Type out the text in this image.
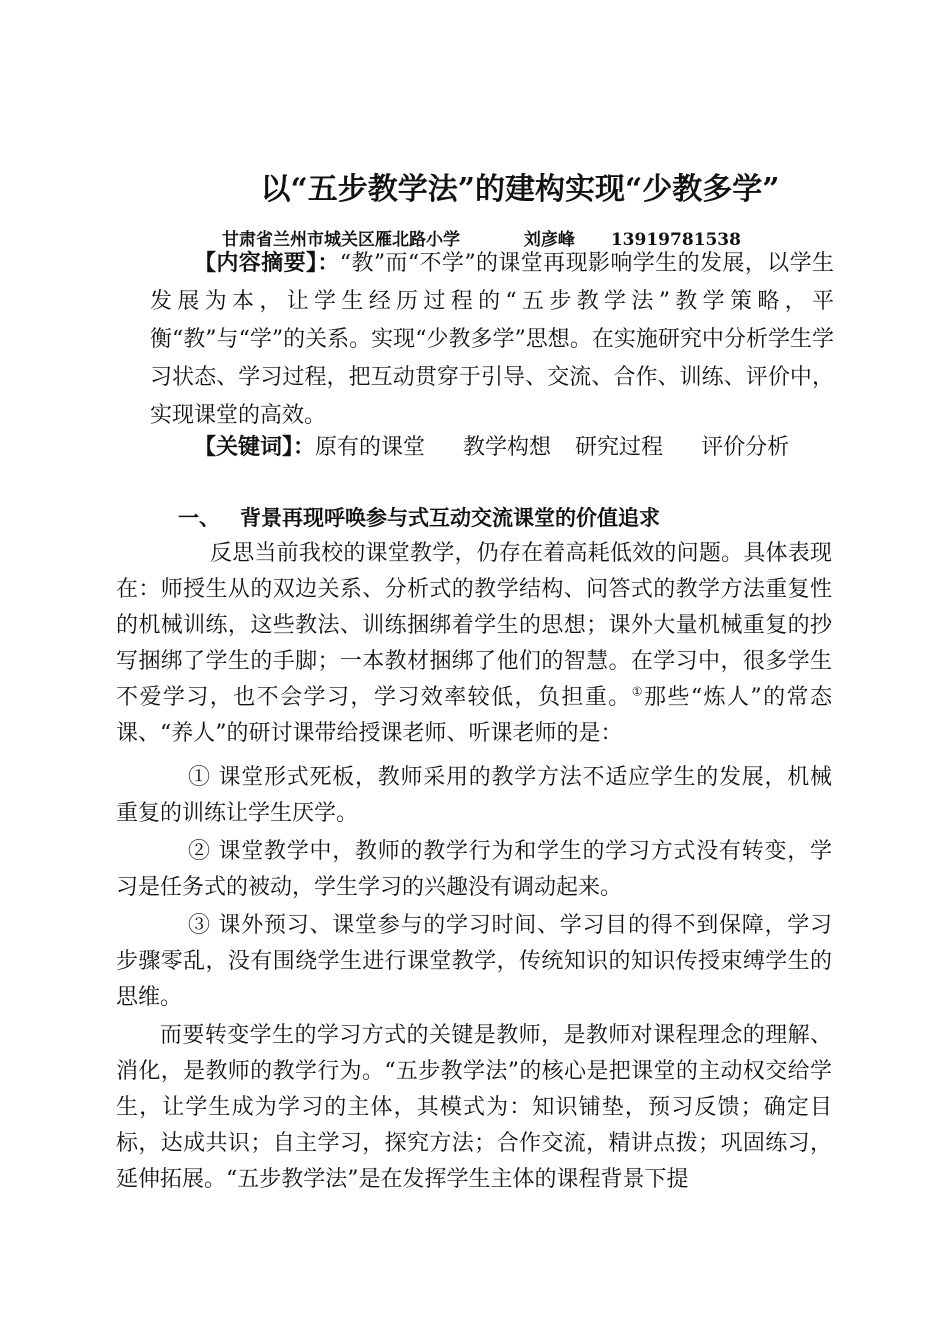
以“五步教学法”的建构实现“少教多学”
甘肃省兰州市城关区雁北路小学	刘彦峰 13919781538
【内容摘要】：“教”而“不学”的课堂再现影响学生的发展，以学生发展为本，让学生经历过程的“五步教学法”教学策略，平衡“教”与“学”的关系。实现“少教多学”思想。在实施研究中分析学生学习状态、学习过程，把互动贯穿于引导、交流、合作、训练、评价中，实现课堂的高效。
【关键词】：原有的课堂 教学构想 研究过程 评价分析
一、 背景再现呼唤参与式互动交流课堂的价值追求
反思当前我校的课堂教学，仍存在着高耗低效的问题。具体表现在：师授生从的双边关系、分析式的教学结构、问答式的教学方法重复性的机械训练，这些教法、训练捆绑着学生的思想；课外大量机械重复的抄写捆绑了学生的手脚；一本教材捆绑了他们的智慧。在学习中，很多学生不爱学习，也不会学习，学习效率较低，负担重。①那些“炼人”的常态课、“养人”的研讨课带给授课老师、听课老师的是：
① 课堂形式死板，教师采用的教学方法不适应学生的发展，机械重复的训练让学生厌学。
② 课堂教学中，教师的教学行为和学生的学习方式没有转变，学习是任务式的被动，学生学习的兴趣没有调动起来。
③ 课外预习、课堂参与的学习时间、学习目的得不到保障，学习步骤零乱，没有围绕学生进行课堂教学，传统知识的知识传授束缚学生的思维。
而要转变学生的学习方式的关键是教师，是教师对课程理念的理解、消化，是教师的教学行为。“五步教学法”的核心是把课堂的主动权交给学生，让学生成为学习的主体，其模式为：知识铺垫，预习反馈；确定目标，达成共识；自主学习，探究方法；合作交流，精讲点拨；巩固练习，延伸拓展。“五步教学法”是在发挥学生主体的课程背景下提
